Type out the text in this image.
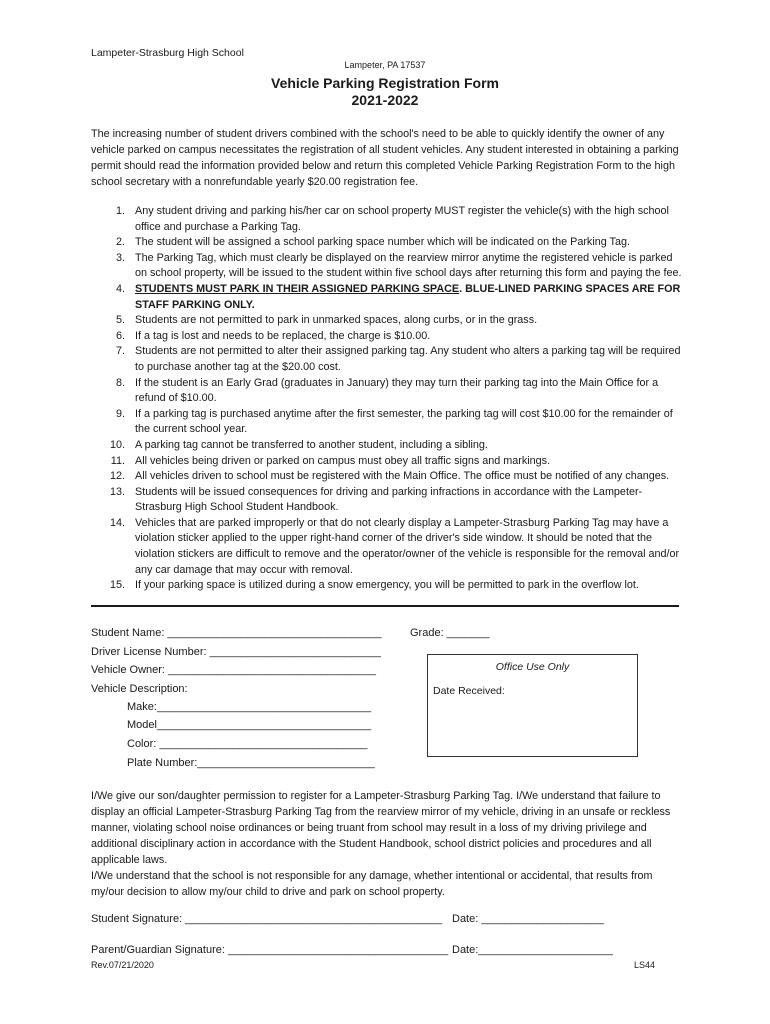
Lampeter-Strasburg High School
Lampeter, PA 17537
Vehicle Parking Registration Form
2021-2022
The increasing number of student drivers combined with the school's need to be able to quickly identify the owner of any vehicle parked on campus necessitates the registration of all student vehicles. Any student interested in obtaining a parking permit should read the information provided below and return this completed Vehicle Parking Registration Form to the high school secretary with a nonrefundable yearly $20.00 registration fee.
1. Any student driving and parking his/her car on school property MUST register the vehicle(s) with the high school office and purchase a Parking Tag.
2. The student will be assigned a school parking space number which will be indicated on the Parking Tag.
3. The Parking Tag, which must clearly be displayed on the rearview mirror anytime the registered vehicle is parked on school property, will be issued to the student within five school days after returning this form and paying the fee.
4. STUDENTS MUST PARK IN THEIR ASSIGNED PARKING SPACE. BLUE-LINED PARKING SPACES ARE FOR STAFF PARKING ONLY.
5. Students are not permitted to park in unmarked spaces, along curbs, or in the grass.
6. If a tag is lost and needs to be replaced, the charge is $10.00.
7. Students are not permitted to alter their assigned parking tag. Any student who alters a parking tag will be required to purchase another tag at the $20.00 cost.
8. If the student is an Early Grad (graduates in January) they may turn their parking tag into the Main Office for a refund of $10.00.
9. If a parking tag is purchased anytime after the first semester, the parking tag will cost $10.00 for the remainder of the current school year.
10. A parking tag cannot be transferred to another student, including a sibling.
11. All vehicles being driven or parked on campus must obey all traffic signs and markings.
12. All vehicles driven to school must be registered with the Main Office. The office must be notified of any changes.
13. Students will be issued consequences for driving and parking infractions in accordance with the Lampeter-Strasburg High School Student Handbook.
14. Vehicles that are parked improperly or that do not clearly display a Lampeter-Strasburg Parking Tag may have a violation sticker applied to the upper right-hand corner of the driver's side window. It should be noted that the violation stickers are difficult to remove and the operator/owner of the vehicle is responsible for the removal and/or any car damage that may occur with removal.
15. If your parking space is utilized during a snow emergency, you will be permitted to park in the overflow lot.
Student Name: ___________________________________	Grade: _______
Driver License Number: ____________________________
Vehicle Owner: __________________________________
Vehicle Description:
Make:___________________________________
Model___________________________________
Color: __________________________________
Plate Number:_____________________________
Office Use Only
Date Received:
I/We give our son/daughter permission to register for a Lampeter-Strasburg Parking Tag. I/We understand that failure to display an official Lampeter-Strasburg Parking Tag from the rearview mirror of my vehicle, driving in an unsafe or reckless manner, violating school noise ordinances or being truant from school may result in a loss of my driving privilege and additional disciplinary action in accordance with the Student Handbook, school district policies and procedures and all applicable laws.
I/We understand that the school is not responsible for any damage, whether intentional or accidental, that results from my/our decision to allow my/our child to drive and park on school property.
Student Signature: __________________________________________ Date: ____________________
Parent/Guardian Signature: ____________________________________ Date:______________________
Rev.07/21/2020	LS44
